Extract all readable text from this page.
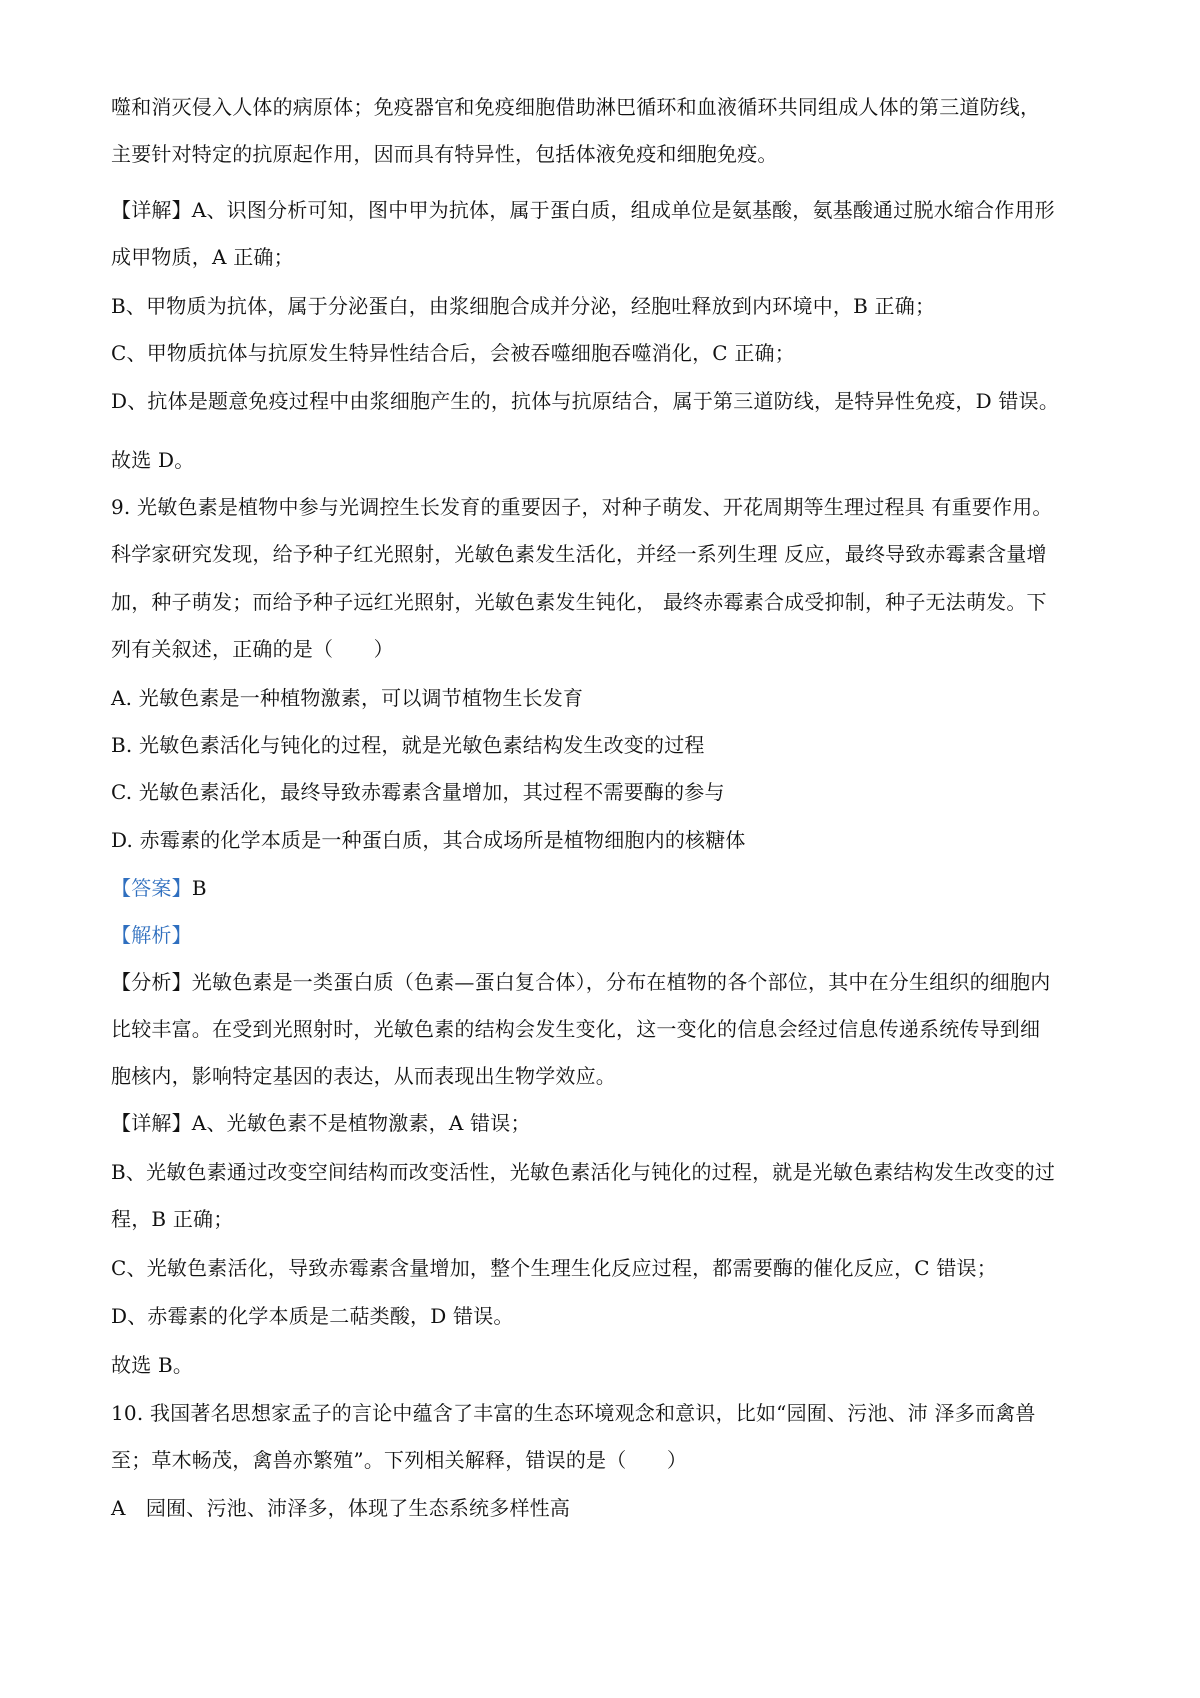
噬和消灭侵入人体的病原体；免疫器官和免疫细胞借助淋巴循环和血液循环共同组成人体的第三道防线，
主要针对特定的抗原起作用，因而具有特异性，包括体液免疫和细胞免疫。
【详解】A、识图分析可知，图中甲为抗体，属于蛋白质，组成单位是氨基酸，氨基酸通过脱水缩合作用形
成甲物质，A 正确；
B、甲物质为抗体，属于分泌蛋白，由浆细胞合成并分泌，经胞吐释放到内环境中，B 正确；
C、甲物质抗体与抗原发生特异性结合后，会被吞噬细胞吞噬消化，C 正确；
D、抗体是题意免疫过程中由浆细胞产生的，抗体与抗原结合，属于第三道防线，是特异性免疫，D 错误。
故选 D。
9. 光敏色素是植物中参与光调控生长发育的重要因子，对种子萌发、开花周期等生理过程具 有重要作用。
科学家研究发现，给予种子红光照射，光敏色素发生活化，并经一系列生理 反应，最终导致赤霉素含量增
加，种子萌发；而给予种子远红光照射，光敏色素发生钝化， 最终赤霉素合成受抑制，种子无法萌发。下
列有关叙述，正确的是（　　）
A. 光敏色素是一种植物激素，可以调节植物生长发育
B. 光敏色素活化与钝化的过程，就是光敏色素结构发生改变的过程
C. 光敏色素活化，最终导致赤霉素含量增加，其过程不需要酶的参与
D. 赤霉素的化学本质是一种蛋白质，其合成场所是植物细胞内的核糖体
【答案】B
【解析】
【分析】光敏色素是一类蛋白质（色素—蛋白复合体），分布在植物的各个部位，其中在分生组织的细胞内
比较丰富。在受到光照射时，光敏色素的结构会发生变化，这一变化的信息会经过信息传递系统传导到细
胞核内，影响特定基因的表达，从而表现出生物学效应。
【详解】A、光敏色素不是植物激素，A 错误；
B、光敏色素通过改变空间结构而改变活性，光敏色素活化与钝化的过程，就是光敏色素结构发生改变的过
程，B 正确；
C、光敏色素活化，导致赤霉素含量增加，整个生理生化反应过程，都需要酶的催化反应，C 错误；
D、赤霉素的化学本质是二萜类酸，D 错误。
故选 B。
10. 我国著名思想家孟子的言论中蕴含了丰富的生态环境观念和意识，比如“园囿、污池、沛 泽多而禽兽
至；草木畅茂，禽兽亦繁殖”。下列相关解释，错误的是（　　）
A　园囿、污池、沛泽多，体现了生态系统多样性高
